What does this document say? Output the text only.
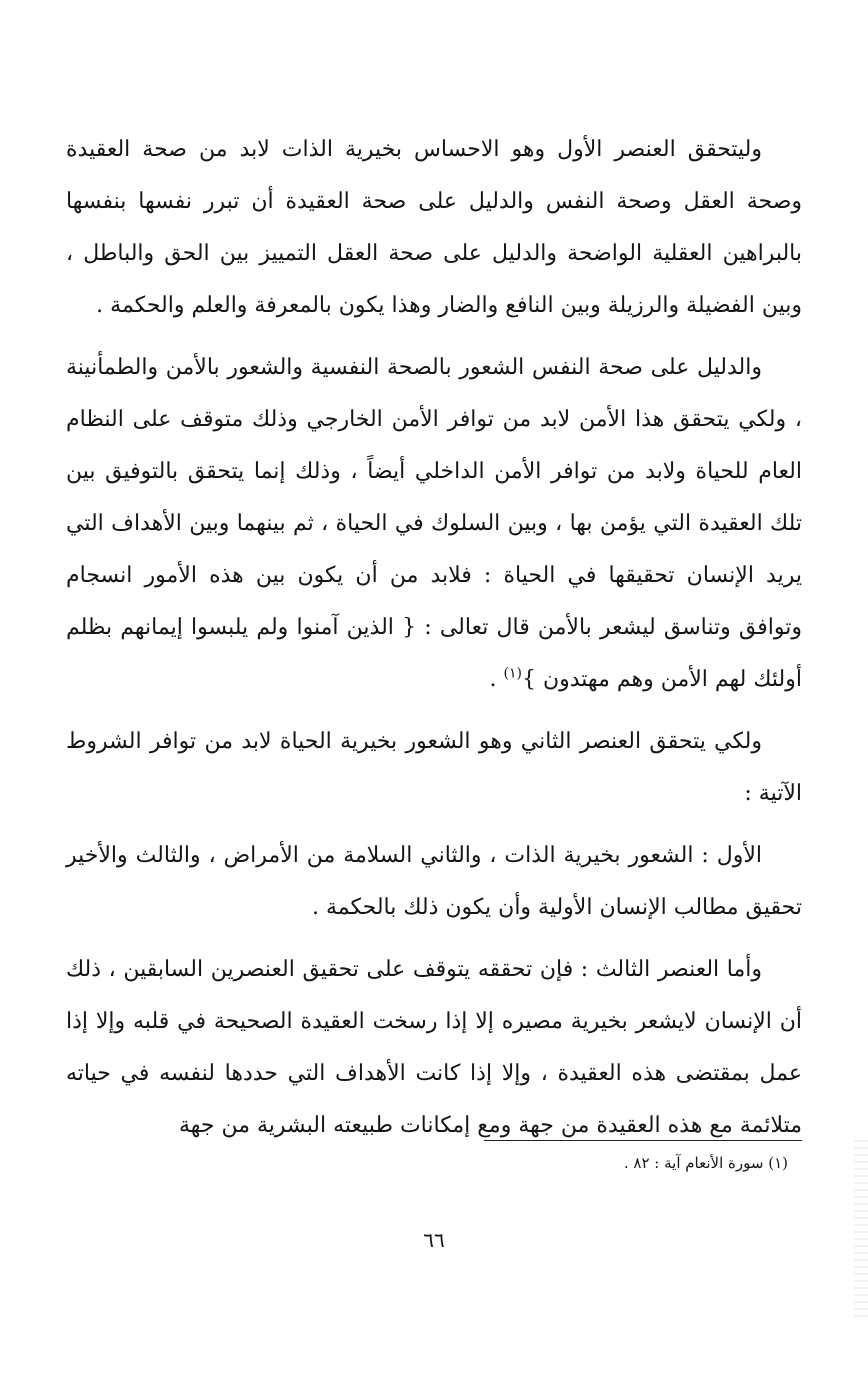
وليتحقق العنصر الأول وهو الاحساس بخيرية الذات لابد من صحة العقيدة وصحة العقل وصحة النفس والدليل على صحة العقيدة أن تبرر نفسها بنفسها بالبراهين العقلية الواضحة والدليل على صحة العقل التمييز بين الحق والباطل ، وبين الفضيلة والرزيلة وبين النافع والضار وهذا يكون بالمعرفة والعلم والحكمة .

والدليل على صحة النفس الشعور بالصحة النفسية والشعور بالأمن والطمأنينة ، ولكي يتحقق هذا الأمن لابد من توافر الأمن الخارجي وذلك متوقف على النظام العام للحياة ولابد من توافر الأمن الداخلي أيضاً ، وذلك إنما يتحقق بالتوفيق بين تلك العقيدة التي يؤمن بها ، وبين السلوك في الحياة ، ثم بينهما وبين الأهداف التي يريد الإنسان تحقيقها في الحياة : فلابد من أن يكون بين هذه الأمور انسجام وتوافق وتناسق ليشعر بالأمن قال تعالى : { الذين آمنوا ولم يلبسوا إيمانهم بظلم أولئك لهم الأمن وهم مهتدون }$^{(١)}$ .

ولكي يتحقق العنصر الثاني وهو الشعور بخيرية الحياة لابد من توافر الشروط الآتية :

الأول : الشعور بخيرية الذات ، والثاني السلامة من الأمراض ، والثالث والأخير تحقيق مطالب الإنسان الأولية وأن يكون ذلك بالحكمة .

وأما العنصر الثالث : فإن تحققه يتوقف على تحقيق العنصرين السابقين ، ذلك أن الإنسان لايشعر بخيرية مصيره إلا إذا رسخت العقيدة الصحيحة في قلبه وإلا إذا عمل بمقتضى هذه العقيدة ، وإلا إذا كانت الأهداف التي حددها لنفسه في حياته متلائمة مع هذه العقيدة من جهة ومع إمكانات طبيعته البشرية من جهة

(١) سورة الأنعام آية : ٨٢ .

٦٦
